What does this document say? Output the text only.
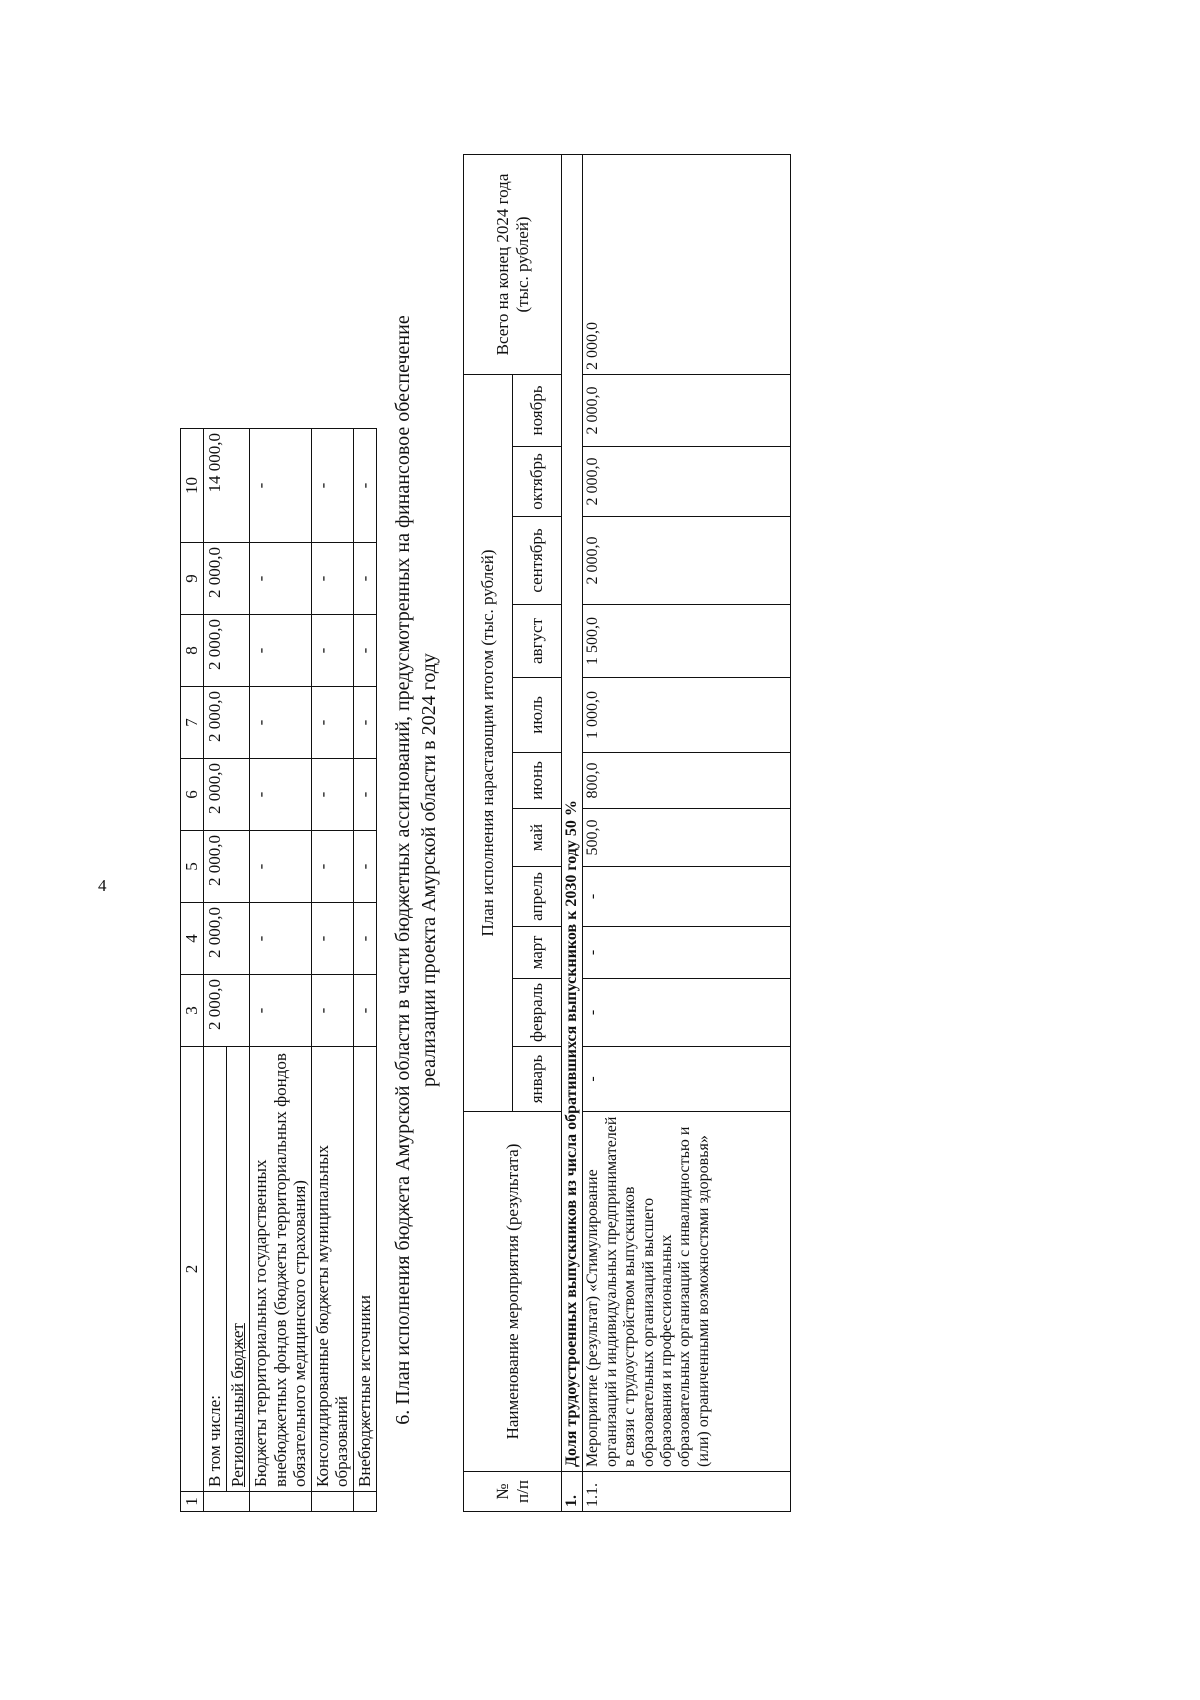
4
1	2	3	4	5	6	7	8	9	10
	В том числе:	2 000,0	2 000,0	2 000,0	2 000,0	2 000,0	2 000,0	2 000,0	14 000,0
	Региональный бюджет								
	Бюджеты территориальных государственных внебюджетных фондов (бюджеты территориальных фондов обязательного медицинского страхования)	-	-	-	-	-	-	-	-
	Консолидированные бюджеты муниципальных образований	-	-	-	-	-	-	-	-
	Внебюджетные источники	-	-	-	-	-	-	-	- 6. План исполнения бюджета Амурской области в части бюджетных ассигнований, предусмотренных на финансовое обеспечение реализации проекта Амурской области в 2024 году
№ п/п	Наименование мероприятия (результата)	План исполнения нарастающим итогом (тыс. рублей)											Всего на конец 2024 года (тыс. рублей)
		январь	февраль	март	апрель	май	июнь	июль	август	сентябрь	октябрь	ноябрь	
1.	Доля трудоустроенных выпускников из числа обратившихся выпускников к 2030 году 50 %												
1.1.	Мероприятие (результат) «Стимулирование организаций и индивидуальных предпринимателей в связи с трудоустройством выпускников образовательных организаций высшего образования и профессиональных образовательных организаций с инвалидностью и (или) ограниченными возможностями здоровья»	-	-	-	-	500,0	800,0	1 000,0	1 500,0	2 000,0	2 000,0	2 000,0	2 000,0
